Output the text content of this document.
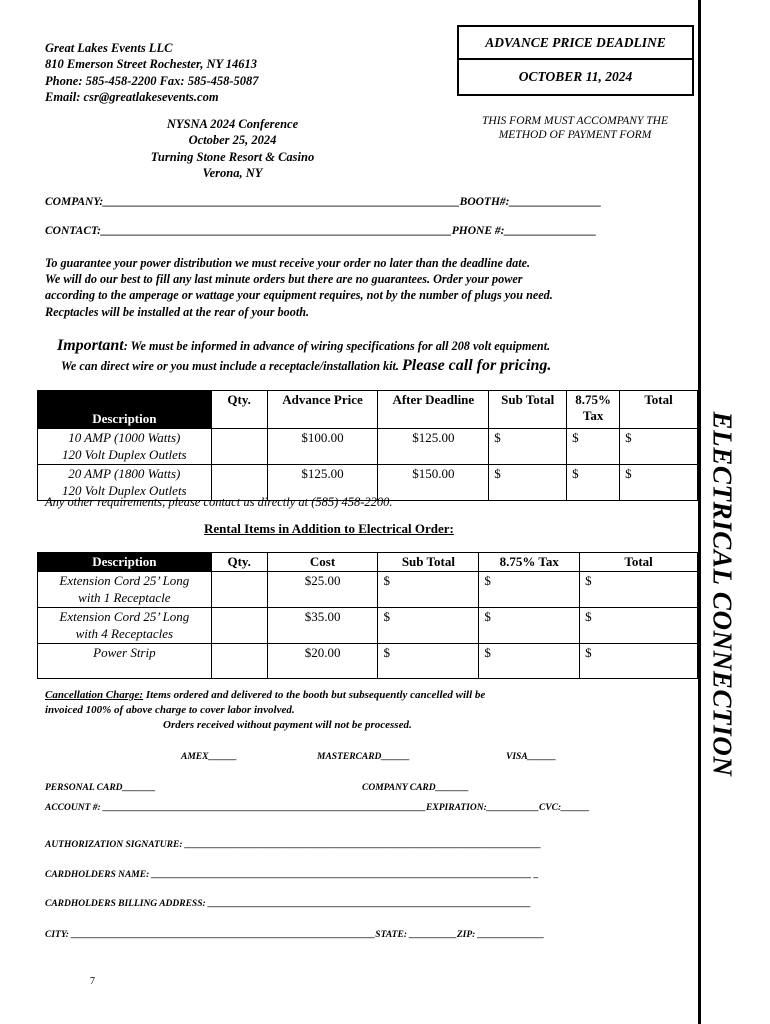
ELECTRICAL CONNECTION
Great Lakes Events LLC
810 Emerson Street Rochester, NY 14613
Phone: 585-458-2200 Fax: 585-458-5087
Email: csr@greatlakesevents.com
ADVANCE PRICE DEADLINE
OCTOBER 11, 2024
THIS FORM MUST ACCOMPANY THE
METHOD OF PAYMENT FORM
NYSNA 2024 Conference
October 25, 2024
Turning Stone Resort & Casino
Verona, NY
COMPANY:______________________________________________________________BOOTH#:________________
CONTACT:_____________________________________________________________PHONE #:________________
To guarantee your power distribution we must receive your order no later than the deadline date.
We will do our best to fill any last minute orders but there are no guarantees. Order your power
according to the amperage or wattage your equipment requires, not by the number of plugs you need.
Recptacles will be installed at the rear of your booth.
Important: We must be informed in advance of wiring specifications for all 208 volt equipment.
We can direct wire or you must include a receptacle/installation kit. Please call for pricing.
Description	Qty.	Advance Price	After Deadline	Sub Total	8.75% Tax	Total

10 AMP (1000 Watts)
120 Volt Duplex Outlets		$100.00	$125.00	$	$	$

20 AMP (1800 Watts)
120 Volt Duplex Outlets		$125.00	$150.00	$	$	$
Any other requirements, please contact us directly at (585) 458-2200.
Rental Items in Addition to Electrical Order:
Description	Qty.	Cost	Sub Total	8.75% Tax	Total

Extension Cord 25’ Long
with 1 Receptacle		$25.00	$	$	$

Extension Cord 25’ Long
with 4 Receptacles		$35.00	$	$	$

Power Strip		$20.00	$	$	$
Cancellation Charge: Items ordered and delivered to the booth but subsequently cancelled will be
invoiced 100% of above charge to cover labor involved.
Orders received without payment will not be processed.
AMEX______	MASTERCARD______	VISA______
PERSONAL CARD_______	COMPANY CARD_______
ACCOUNT #: ____________________________________________________________________EXPIRATION:___________CVC:______
AUTHORIZATION SIGNATURE: ___________________________________________________________________________
CARDHOLDERS NAME: ________________________________________________________________________________ _
CARDHOLDERS BILLING ADDRESS: ____________________________________________________________________
CITY: ________________________________________________________________STATE: __________ZIP: ______________
7
